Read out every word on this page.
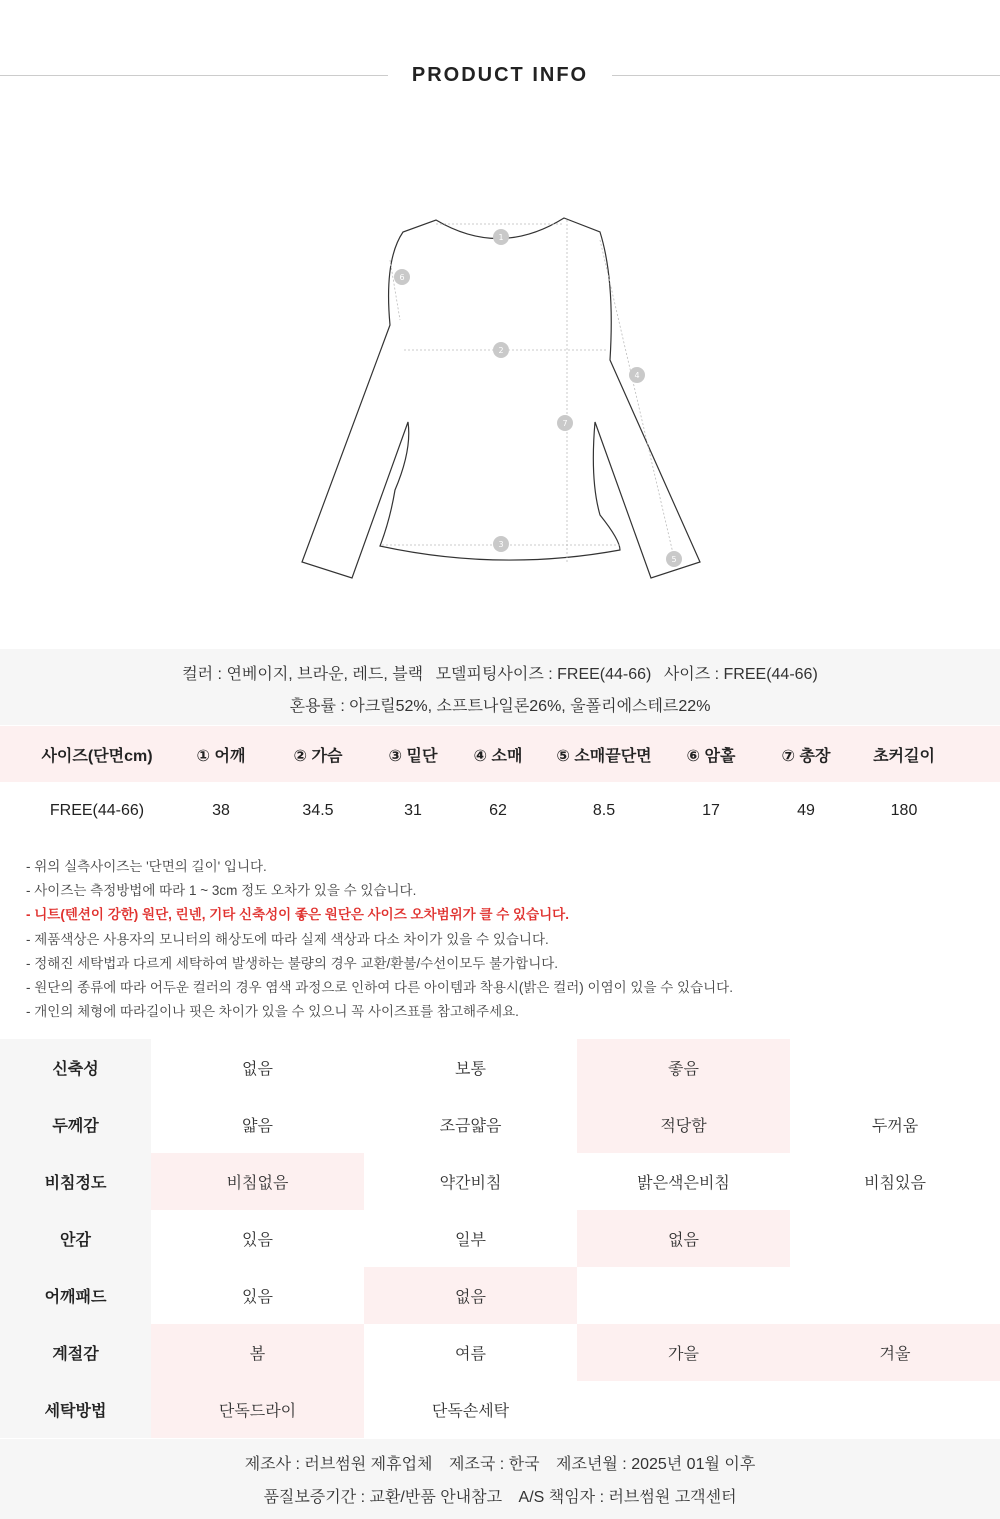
PRODUCT INFO
1
2
3
4
5
6
7
컬러 : 연베이지, 브라운, 레드, 블랙 모델피팅사이즈 : FREE(44-66) 사이즈 : FREE(44-66)
혼용률 : 아크릴52%, 소프트나일론26%, 울폴리에스테르22%
사이즈(단면cm)	① 어깨	② 가슴	③ 밑단	④ 소매	⑤ 소매끝단면	⑥ 암홀	⑦ 총장	초커길이
FREE(44-66)	38	34.5	31	62	8.5	17	49	180
- 위의 실측사이즈는 '단면의 길이' 입니다.
- 사이즈는 측정방법에 따라 1 ~ 3cm 정도 오차가 있을 수 있습니다.
- 니트(텐션이 강한) 원단, 린넨, 기타 신축성이 좋은 원단은 사이즈 오차범위가 클 수 있습니다.
- 제품색상은 사용자의 모니터의 해상도에 따라 실제 색상과 다소 차이가 있을 수 있습니다.
- 정해진 세탁법과 다르게 세탁하여 발생하는 불량의 경우 교환/환불/수선이모두 불가합니다.
- 원단의 종류에 따라 어두운 컬러의 경우 염색 과정으로 인하여 다른 아이템과 착용시(밝은 컬러) 이염이 있을 수 있습니다.
- 개인의 체형에 따라길이나 핏은 차이가 있을 수 있으니 꼭 사이즈표를 참고해주세요.
신축성	없음	보통	좋음
두께감	얇음	조금얇음	적당함	두꺼움
비침정도	비침없음	약간비침	밝은색은비침	비침있음
안감	있음	일부	없음
어깨패드	있음	없음
계절감	봄	여름	가을	겨울
세탁방법	단독드라이	단독손세탁
제조사 : 러브썸원 제휴업체 제조국 : 한국 제조년월 : 2025년 01월 이후
품질보증기간 : 교환/반품 안내참고 A/S 책임자 : 러브썸원 고객센터
